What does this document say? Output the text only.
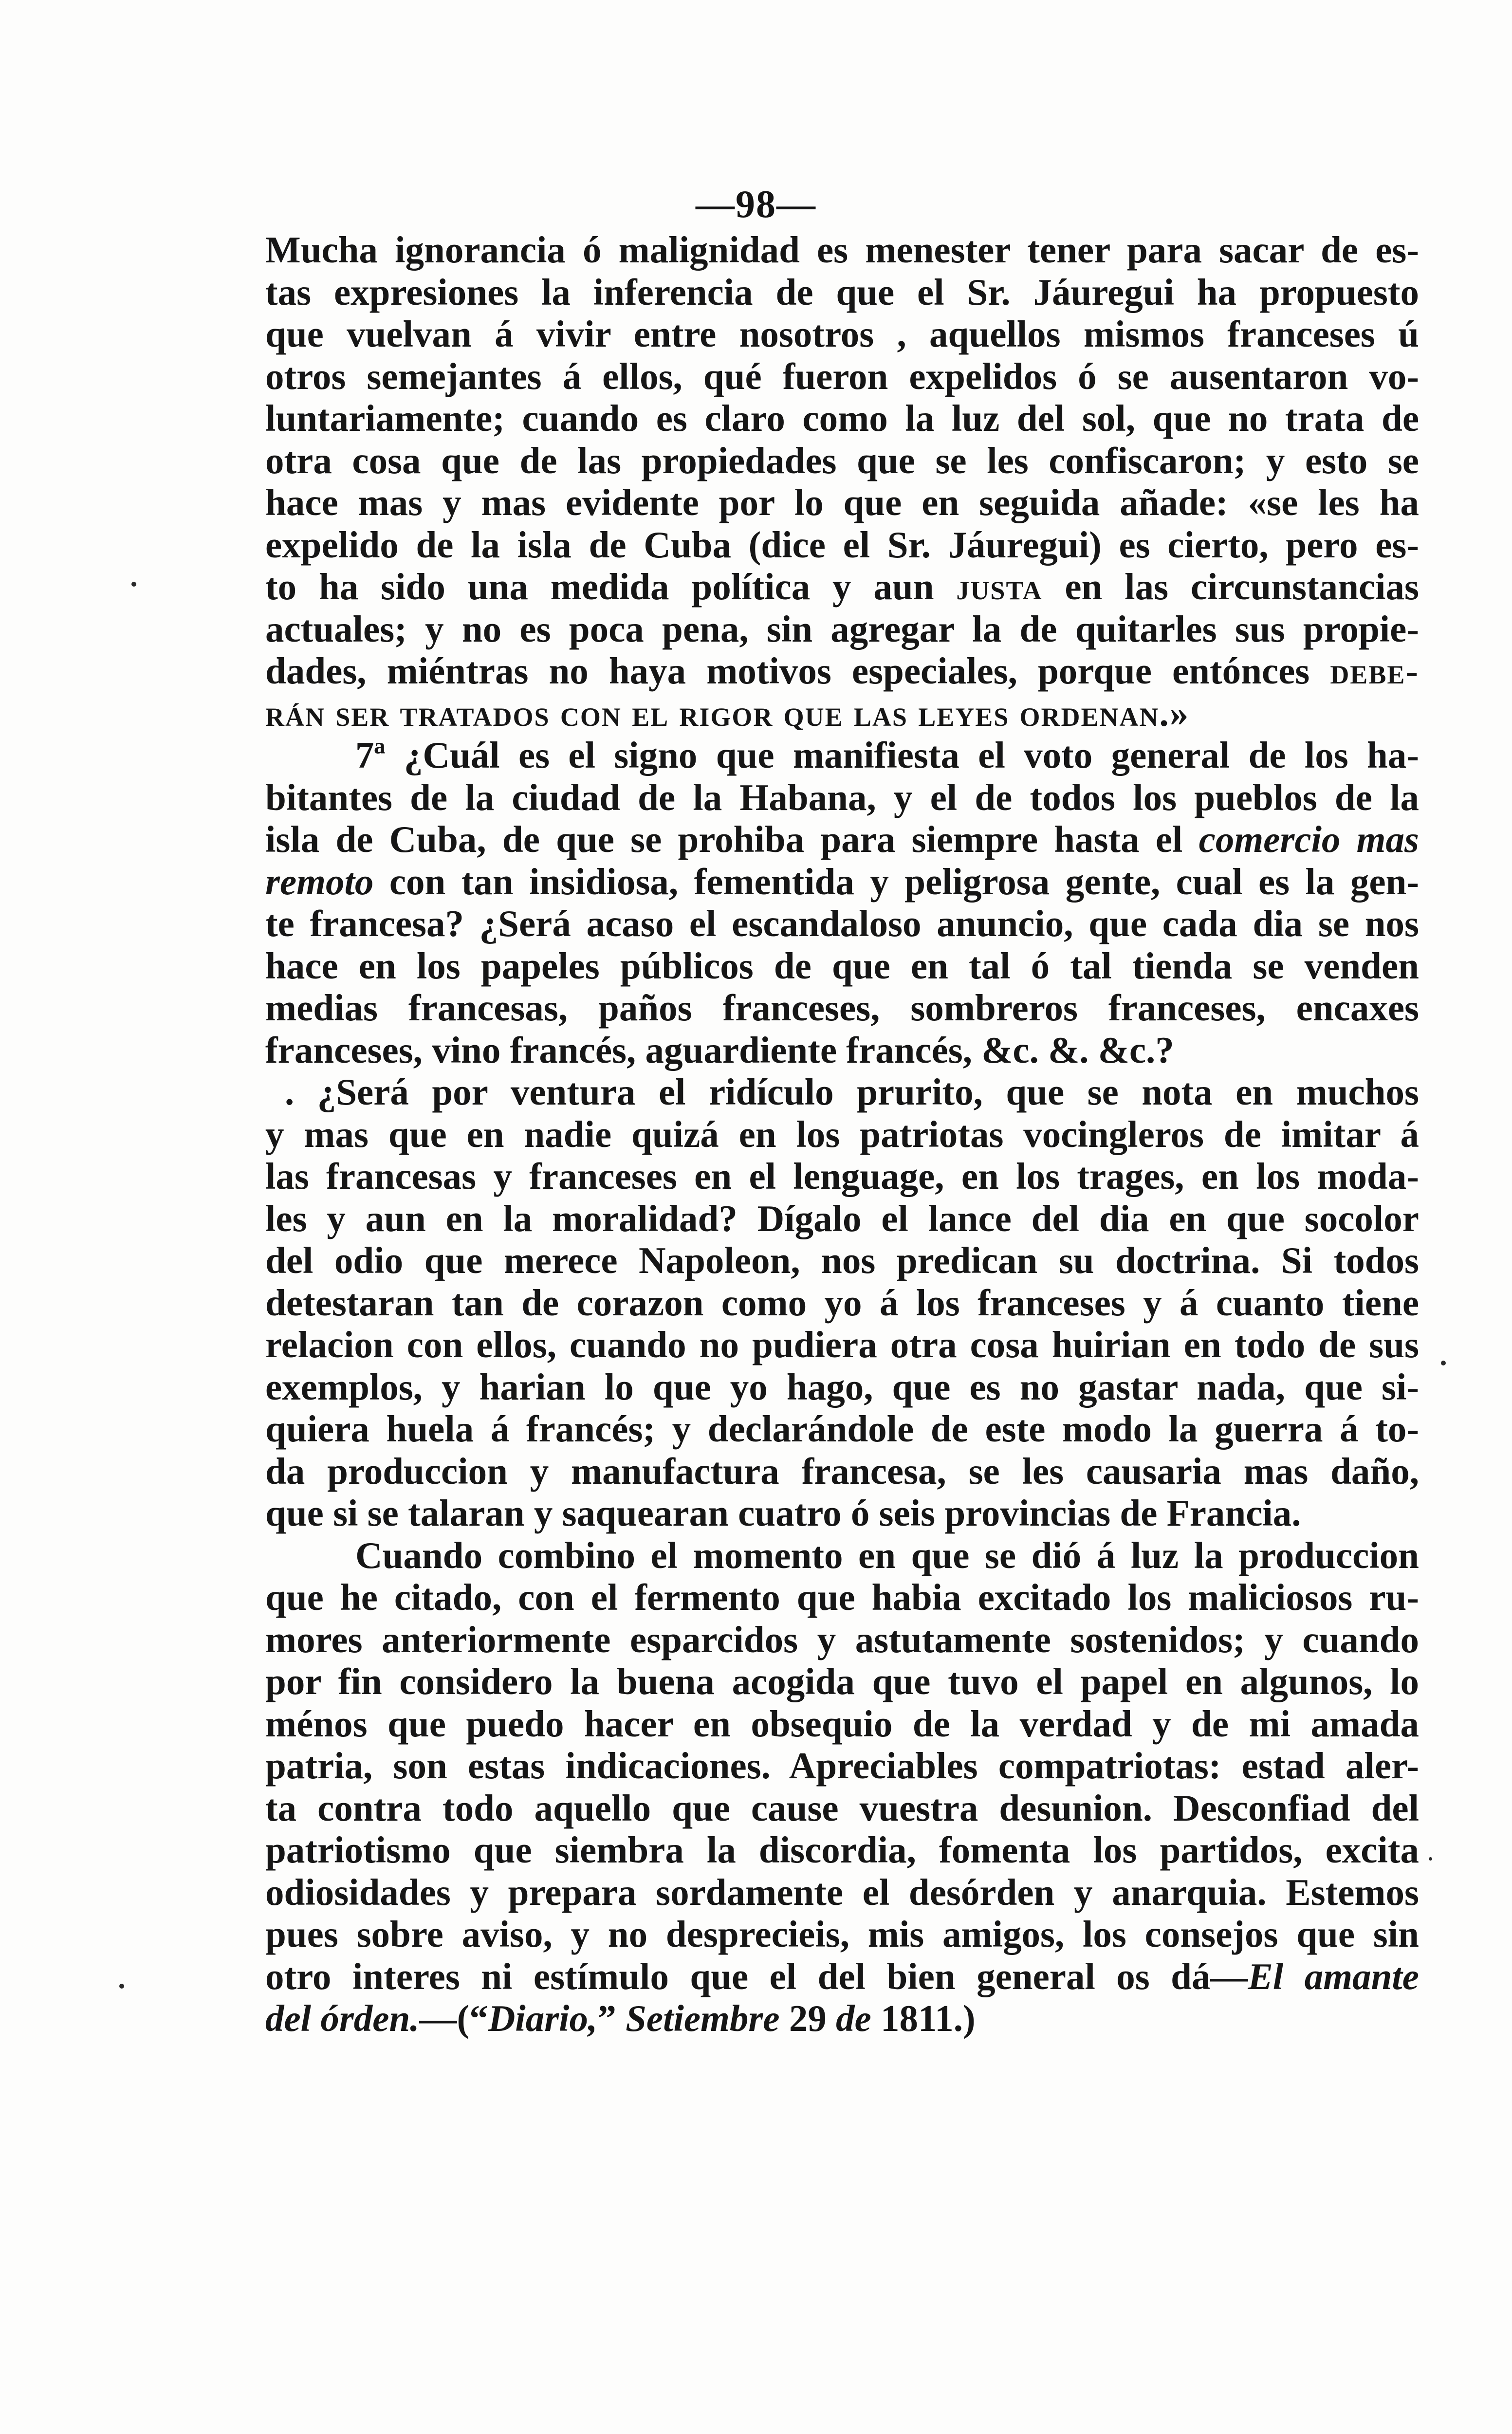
—98—
Mucha ignorancia ó malignidad es menester tener para sacar de es-
tas expresiones la inferencia de que el Sr. Jáuregui ha propuesto
que vuelvan á vivir entre nosotros , aquellos mismos franceses ú
otros semejantes á ellos, qué fueron expelidos ó se ausentaron vo-
luntariamente; cuando es claro como la luz del sol, que no trata de
otra cosa que de las propiedades que se les confiscaron; y esto se
hace mas y mas evidente por lo que en seguida añade: «se les ha
expelido de la isla de Cuba (dice el Sr. Jáuregui) es cierto, pero es-
to ha sido una medida política y aun justa en las circunstancias
actuales; y no es poca pena, sin agregar la de quitarles sus propie-
dades, miéntras no haya motivos especiales, porque entónces debe-
rán ser tratados con el rigor que las leyes ordenan.»
7ª ¿Cuál es el signo que manifiesta el voto general de los ha-
bitantes de la ciudad de la Habana, y el de todos los pueblos de la
isla de Cuba, de que se prohiba para siempre hasta el comercio mas
remoto con tan insidiosa, fementida y peligrosa gente, cual es la gen-
te francesa? ¿Será acaso el escandaloso anuncio, que cada dia se nos
hace en los papeles públicos de que en tal ó tal tienda se venden
medias francesas, paños franceses, sombreros franceses, encaxes
franceses, vino francés, aguardiente francés, &c. &. &c.?
. ¿Será por ventura el ridículo prurito, que se nota en muchos
y mas que en nadie quizá en los patriotas vocingleros de imitar á
las francesas y franceses en el lenguage, en los trages, en los moda-
les y aun en la moralidad? Dígalo el lance del dia en que socolor
del odio que merece Napoleon, nos predican su doctrina. Si todos
detestaran tan de corazon como yo á los franceses y á cuanto tiene
relacion con ellos, cuando no pudiera otra cosa huirian en todo de sus
exemplos, y harian lo que yo hago, que es no gastar nada, que si-
quiera huela á francés; y declarándole de este modo la guerra á to-
da produccion y manufactura francesa, se les causaria mas daño,
que si se talaran y saquearan cuatro ó seis provincias de Francia.
Cuando combino el momento en que se dió á luz la produccion
que he citado, con el fermento que habia excitado los maliciosos ru-
mores anteriormente esparcidos y astutamente sostenidos; y cuando
por fin considero la buena acogida que tuvo el papel en algunos, lo
ménos que puedo hacer en obsequio de la verdad y de mi amada
patria, son estas indicaciones. Apreciables compatriotas: estad aler-
ta contra todo aquello que cause vuestra desunion. Desconfiad del
patriotismo que siembra la discordia, fomenta los partidos, excita
odiosidades y prepara sordamente el desórden y anarquia. Estemos
pues sobre aviso, y no desprecieis, mis amigos, los consejos que sin
otro interes ni estímulo que el del bien general os dá—El amante
del órden.—(“Diario,” Setiembre 29 de 1811.)
